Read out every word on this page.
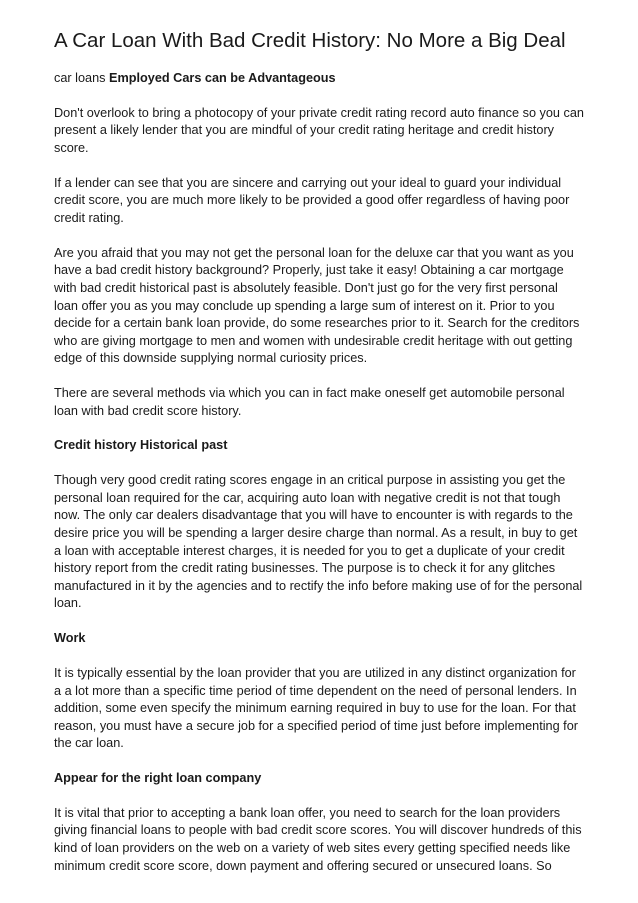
A Car Loan With Bad Credit History: No More a Big Deal

car loans Employed Cars can be Advantageous

Don't overlook to bring a photocopy of your private credit rating record auto finance so you can present a likely lender that you are mindful of your credit rating heritage and credit history score.

If a lender can see that you are sincere and carrying out your ideal to guard your individual credit score, you are much more likely to be provided a good offer regardless of having poor credit rating.

Are you afraid that you may not get the personal loan for the deluxe car that you want as you have a bad credit history background? Properly, just take it easy! Obtaining a car mortgage with bad credit historical past is absolutely feasible. Don't just go for the very first personal loan offer you as you may conclude up spending a large sum of interest on it. Prior to you decide for a certain bank loan provide, do some researches prior to it. Search for the creditors who are giving mortgage to men and women with undesirable credit heritage with out getting edge of this downside supplying normal curiosity prices.

There are several methods via which you can in fact make oneself get automobile personal loan with bad credit score history.

Credit history Historical past

Though very good credit rating scores engage in an critical purpose in assisting you get the personal loan required for the car, acquiring auto loan with negative credit is not that tough now. The only car dealers disadvantage that you will have to encounter is with regards to the desire price you will be spending a larger desire charge than normal. As a result, in buy to get a loan with acceptable interest charges, it is needed for you to get a duplicate of your credit history report from the credit rating businesses. The purpose is to check it for any glitches manufactured in it by the agencies and to rectify the info before making use of for the personal loan.

Work

It is typically essential by the loan provider that you are utilized in any distinct organization for a a lot more than a specific time period of time dependent on the need of personal lenders. In addition, some even specify the minimum earning required in buy to use for the loan. For that reason, you must have a secure job for a specified period of time just before implementing for the car loan.

Appear for the right loan company

It is vital that prior to accepting a bank loan offer, you need to search for the loan providers giving financial loans to people with bad credit score scores. You will discover hundreds of this kind of loan providers on the web on a variety of web sites every getting specified needs like minimum credit score score, down payment and offering secured or unsecured loans. So
